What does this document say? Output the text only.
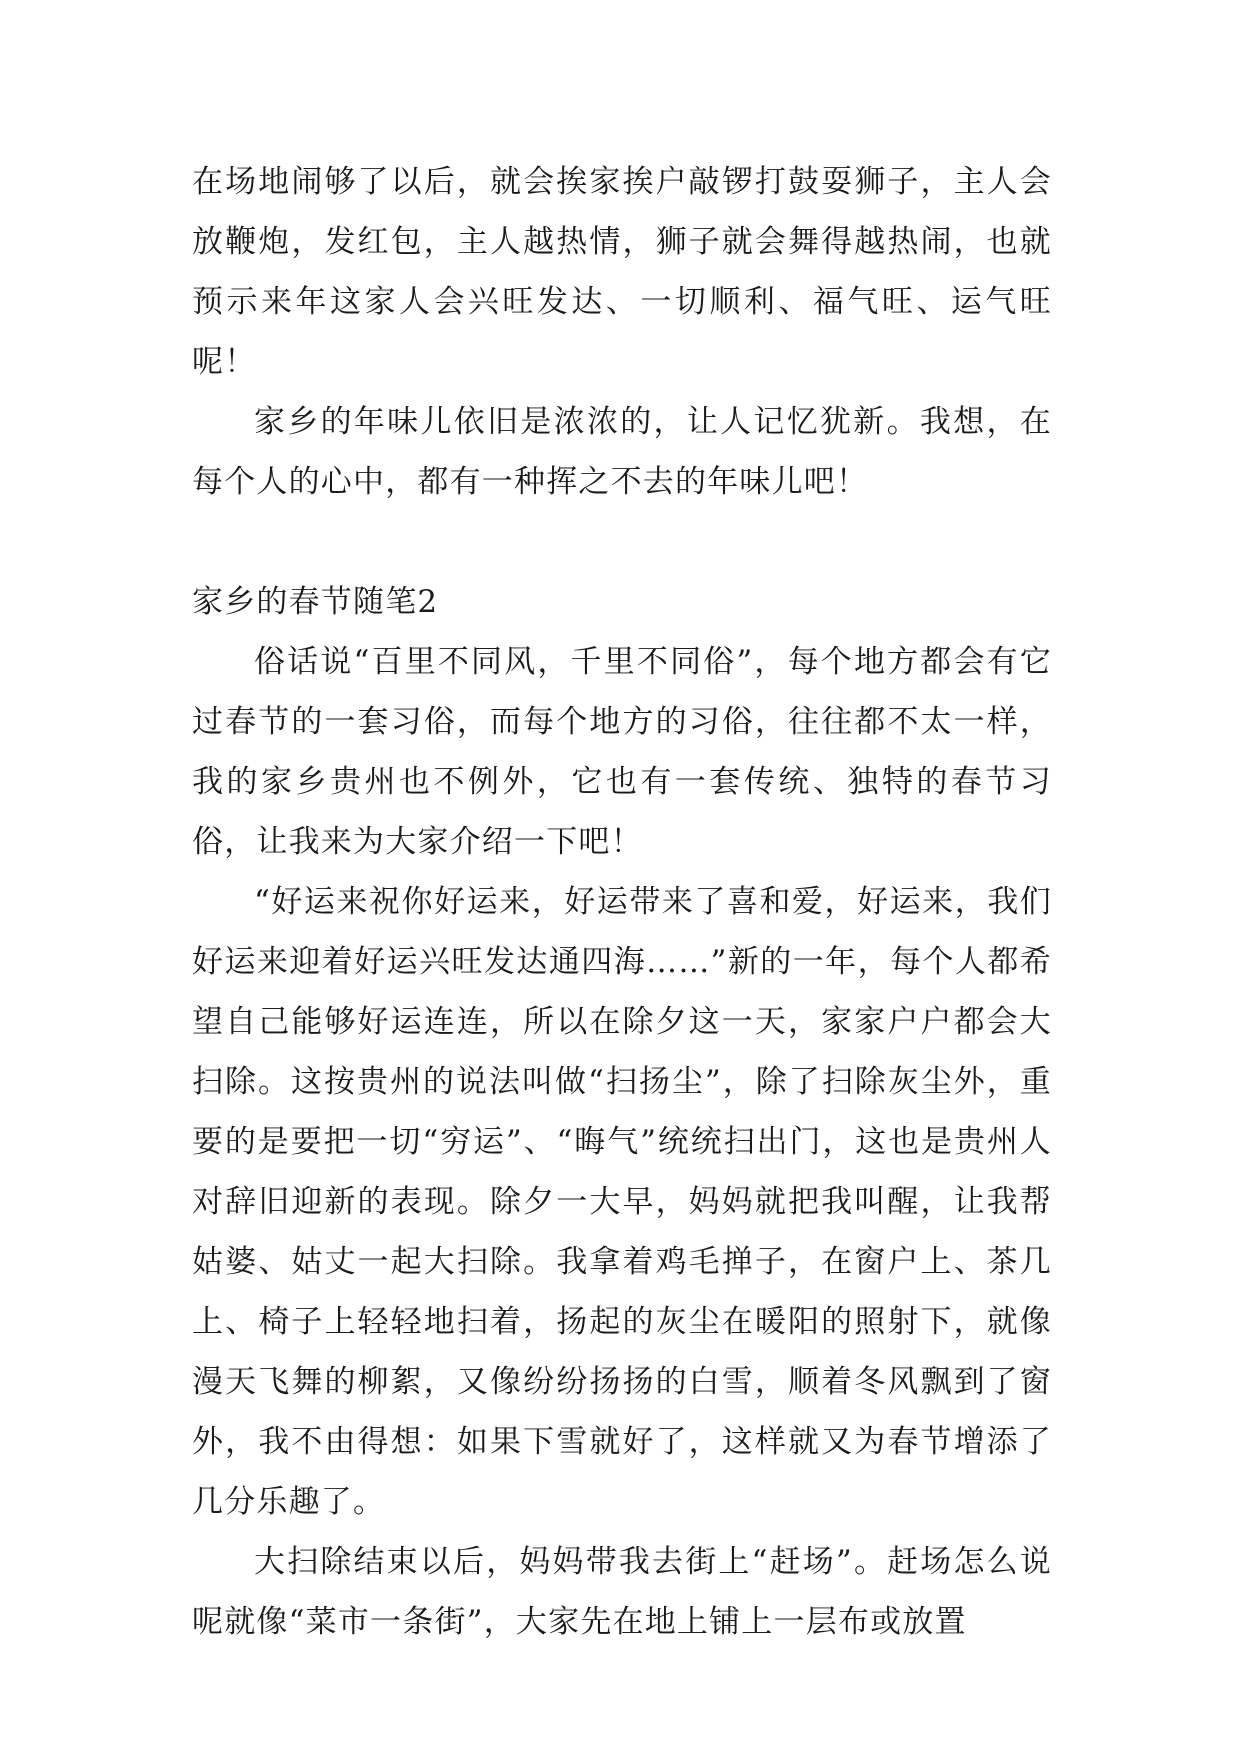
在场地闹够了以后，就会挨家挨户敲锣打鼓耍狮子，主人会放鞭炮，发红包，主人越热情，狮子就会舞得越热闹，也就预示来年这家人会兴旺发达、一切顺利、福气旺、运气旺呢！

家乡的年味儿依旧是浓浓的，让人记忆犹新。我想，在每个人的心中，都有一种挥之不去的年味儿吧！

家乡的春节随笔2

俗话说“百里不同风，千里不同俗”，每个地方都会有它过春节的一套习俗，而每个地方的习俗，往往都不太一样，我的家乡贵州也不例外，它也有一套传统、独特的春节习俗，让我来为大家介绍一下吧！

“好运来祝你好运来，好运带来了喜和爱，好运来，我们好运来迎着好运兴旺发达通四海……”新的一年，每个人都希望自己能够好运连连，所以在除夕这一天，家家户户都会大扫除。这按贵州的说法叫做“扫扬尘”，除了扫除灰尘外，重要的是要把一切“穷运”、“晦气”统统扫出门，这也是贵州人对辞旧迎新的表现。除夕一大早，妈妈就把我叫醒，让我帮姑婆、姑丈一起大扫除。我拿着鸡毛掸子，在窗户上、茶几上、椅子上轻轻地扫着，扬起的灰尘在暖阳的照射下，就像漫天飞舞的柳絮，又像纷纷扬扬的白雪，顺着冬风飘到了窗外，我不由得想：如果下雪就好了，这样就又为春节增添了几分乐趣了。

大扫除结束以后，妈妈带我去街上“赶场”。赶场怎么说呢就像“菜市一条街”，大家先在地上铺上一层布或放置
